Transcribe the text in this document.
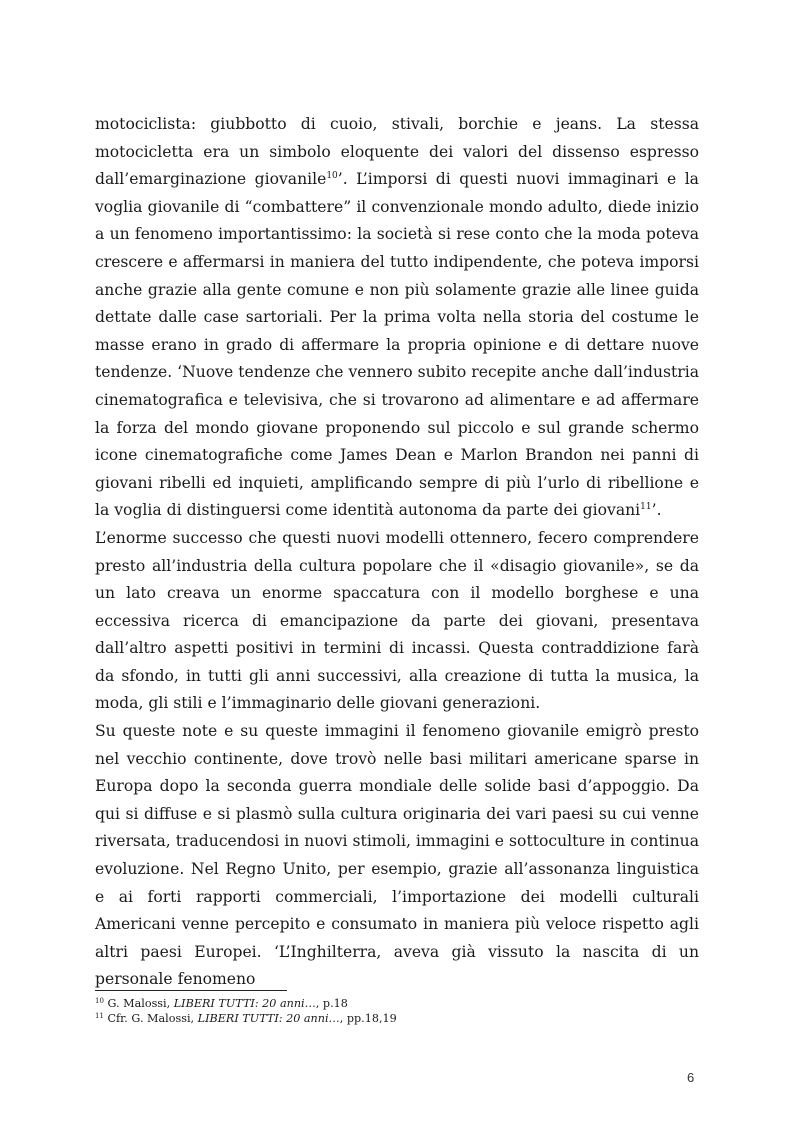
motociclista: giubbotto di cuoio, stivali, borchie e jeans. La stessa motocicletta era un simbolo eloquente dei valori del dissenso espresso dall’emarginazione giovanile$^{10}$’. L’imporsi di questi nuovi immaginari e la voglia giovanile di “combattere” il convenzionale mondo adulto, diede inizio a un fenomeno importantissimo: la società si rese conto che la moda poteva crescere e affermarsi in maniera del tutto indipendente, che poteva imporsi anche grazie alla gente comune e non più solamente grazie alle linee guida dettate dalle case sartoriali. Per la prima volta nella storia del costume le masse erano in grado di affermare la propria opinione e di dettare nuove tendenze. ‘Nuove tendenze che vennero subito recepite anche dall’industria cinematografica e televisiva, che si trovarono ad alimentare e ad affermare la forza del mondo giovane proponendo sul piccolo e sul grande schermo icone cinematografiche come James Dean e Marlon Brandon nei panni di giovani ribelli ed inquieti, amplificando sempre di più l’urlo di ribellione e la voglia di distinguersi come identità autonoma da parte dei giovani$^{11}$’.

L’enorme successo che questi nuovi modelli ottennero, fecero comprendere presto all’industria della cultura popolare che il «disagio giovanile», se da un lato creava un enorme spaccatura con il modello borghese e una eccessiva ricerca di emancipazione da parte dei giovani, presentava dall’altro aspetti positivi in termini di incassi. Questa contraddizione farà da sfondo, in tutti gli anni successivi, alla creazione di tutta la musica, la moda, gli stili e l’immaginario delle giovani generazioni.

Su queste note e su queste immagini il fenomeno giovanile emigrò presto nel vecchio continente, dove trovò nelle basi militari americane sparse in Europa dopo la seconda guerra mondiale delle solide basi d’appoggio. Da qui si diffuse e si plasmò sulla cultura originaria dei vari paesi su cui venne riversata, traducendosi in nuovi stimoli, immagini e sottoculture in continua evoluzione. Nel Regno Unito, per esempio, grazie all’assonanza linguistica e ai forti rapporti commerciali, l’importazione dei modelli culturali Americani venne percepito e consumato in maniera più veloce rispetto agli altri paesi Europei. ‘L’Inghilterra, aveva già vissuto la nascita di un personale fenomeno

$^{10}$ G. Malossi, LIBERI TUTTI: 20 anni…, p.18

$^{11}$ Cfr. G. Malossi, LIBERI TUTTI: 20 anni…, pp.18,19

6
